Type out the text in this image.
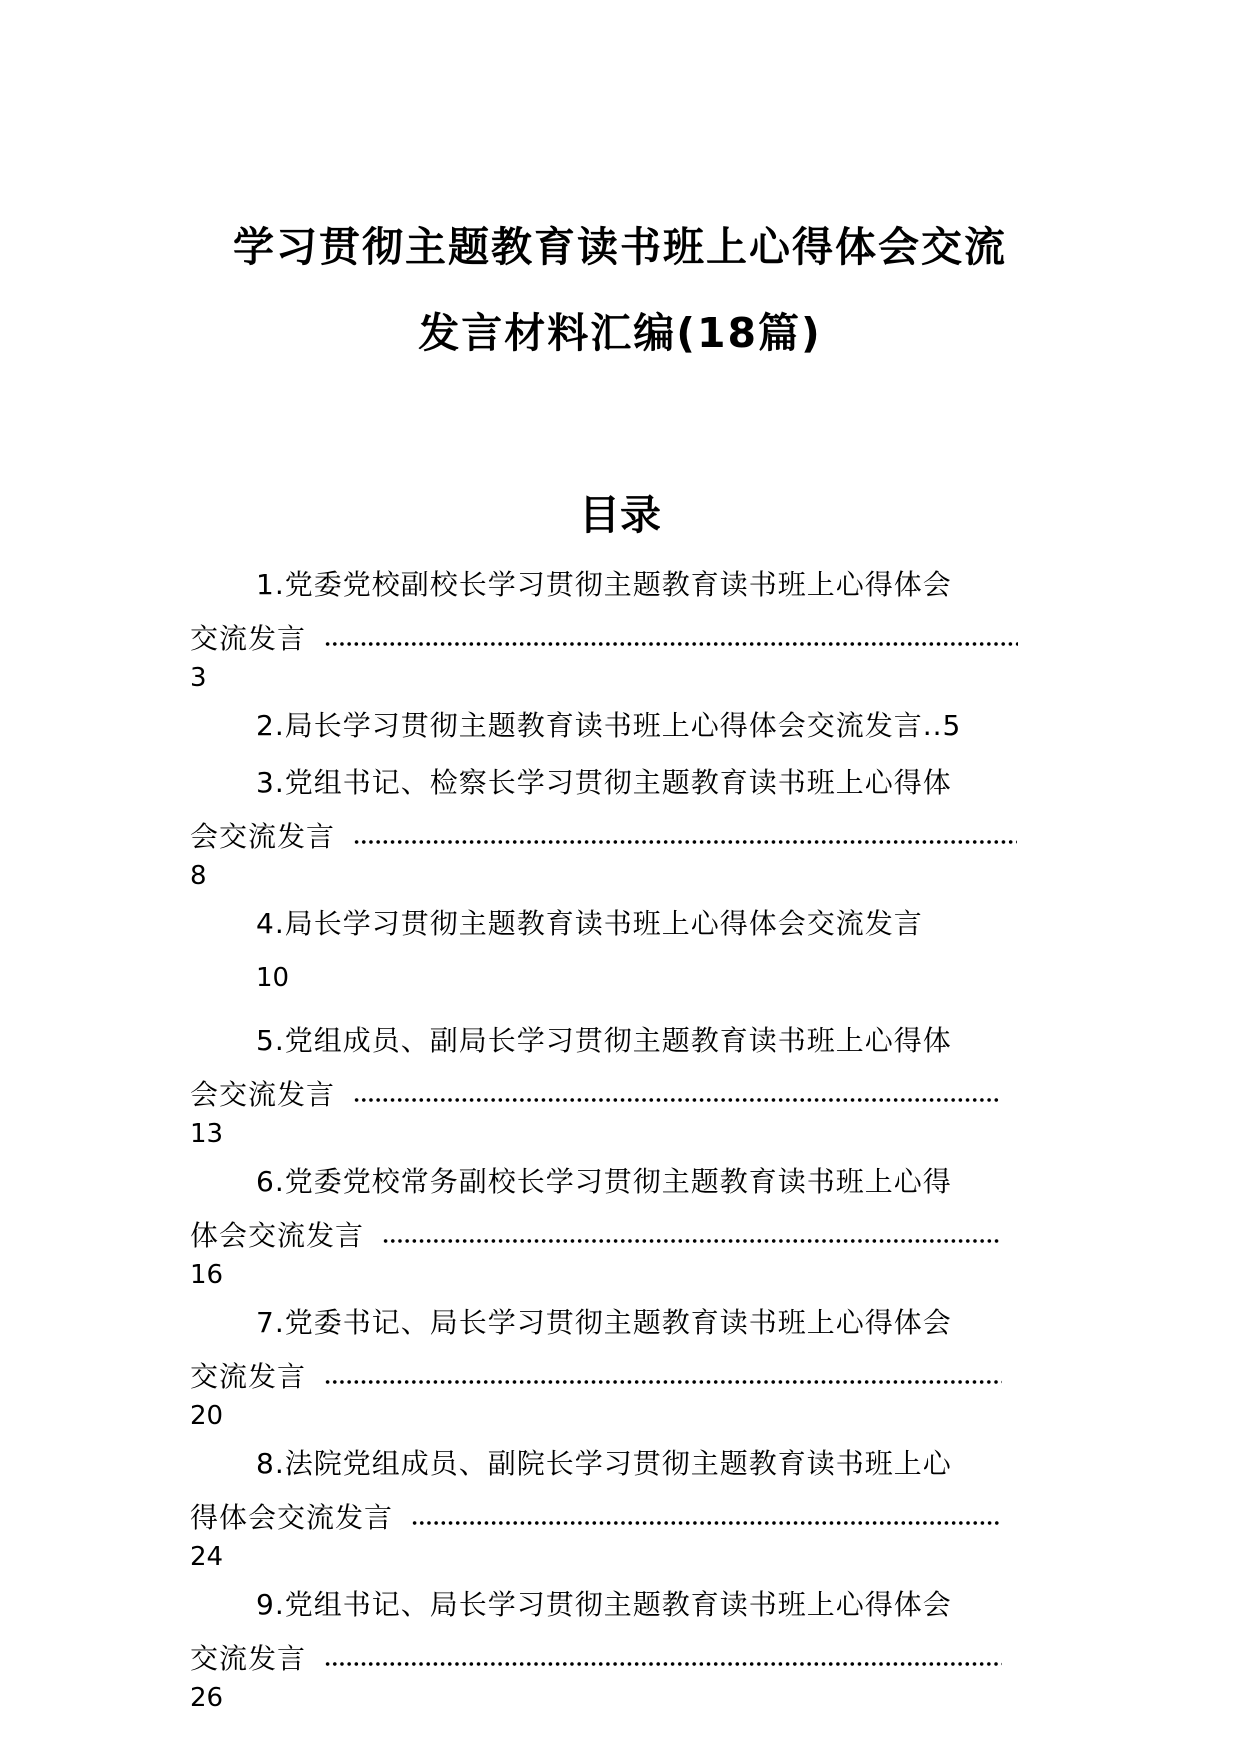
学习贯彻主题教育读书班上心得体会交流
发言材料汇编(18篇)
目录
1.党委党校副校长学习贯彻主题教育读书班上心得体会
交流发言
3
2.局长学习贯彻主题教育读书班上心得体会交流发言..5
3.党组书记、检察长学习贯彻主题教育读书班上心得体
会交流发言
8
4.局长学习贯彻主题教育读书班上心得体会交流发言
10
5.党组成员、副局长学习贯彻主题教育读书班上心得体
会交流发言
13
6.党委党校常务副校长学习贯彻主题教育读书班上心得
体会交流发言
16
7.党委书记、局长学习贯彻主题教育读书班上心得体会
交流发言
20
8.法院党组成员、副院长学习贯彻主题教育读书班上心
得体会交流发言
24
9.党组书记、局长学习贯彻主题教育读书班上心得体会
交流发言
26
